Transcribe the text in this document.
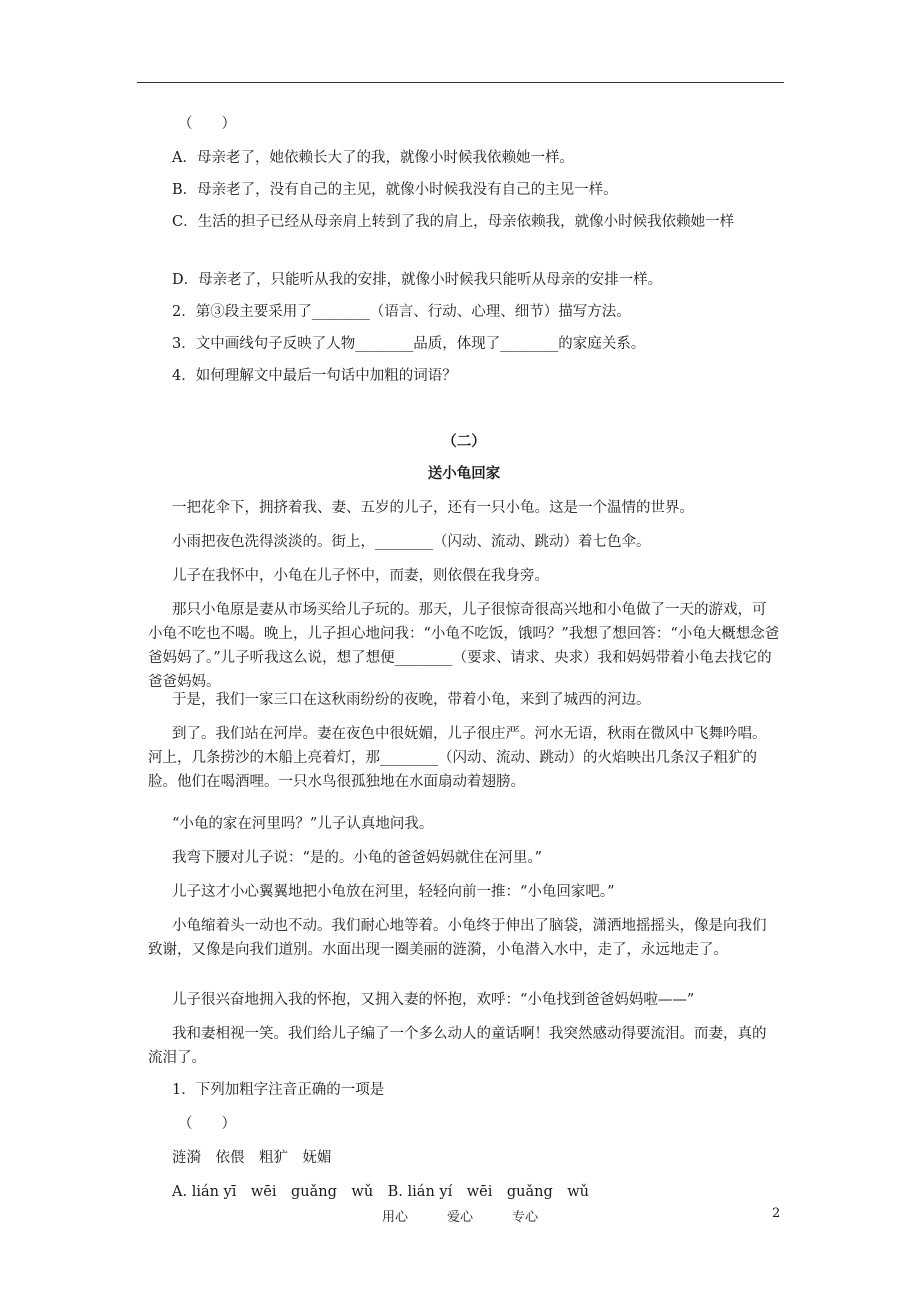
（　　）
A．母亲老了，她依赖长大了的我，就像小时候我依赖她一样。
B．母亲老了，没有自己的主见，就像小时候我没有自己的主见一样。
C．生活的担子已经从母亲肩上转到了我的肩上，母亲依赖我，就像小时候我依赖她一样
D．母亲老了，只能听从我的安排，就像小时候我只能听从母亲的安排一样。
2．第③段主要采用了________（语言、行动、心理、细节）描写方法。
3．文中画线句子反映了人物________品质，体现了________的家庭关系。
4．如何理解文中最后一句话中加粗的词语？
（二）
送小龟回家
一把花伞下，拥挤着我、妻、五岁的儿子，还有一只小龟。这是一个温情的世界。
小雨把夜色洗得淡淡的。街上，________（闪动、流动、跳动）着七色伞。
儿子在我怀中，小龟在儿子怀中，而妻，则依偎在我身旁。
那只小龟原是妻从市场买给儿子玩的。那天，儿子很惊奇很高兴地和小龟做了一天的游戏，可小龟不吃也不喝。晚上，儿子担心地问我：“小龟不吃饭，饿吗？”我想了想回答：“小龟大概想念爸爸妈妈了。”儿子听我这么说，想了想便________（要求、请求、央求）我和妈妈带着小龟去找它的爸爸妈妈。
于是，我们一家三口在这秋雨纷纷的夜晚，带着小龟，来到了城西的河边。
到了。我们站在河岸。妻在夜色中很妩媚，儿子很庄严。河水无语，秋雨在微风中飞舞吟唱。河上，几条捞沙的木船上亮着灯，那________（闪动、流动、跳动）的火焰映出几条汉子粗犷的脸。他们在喝酒哩。一只水鸟很孤独地在水面扇动着翅膀。
“小龟的家在河里吗？”儿子认真地问我。
我弯下腰对儿子说：“是的。小龟的爸爸妈妈就住在河里。”
儿子这才小心翼翼地把小龟放在河里，轻轻向前一推：“小龟回家吧。”
小龟缩着头一动也不动。我们耐心地等着。小龟终于伸出了脑袋，潇洒地摇摇头，像是向我们致谢，又像是向我们道别。水面出现一圈美丽的涟漪，小龟潜入水中，走了，永远地走了。
儿子很兴奋地拥入我的怀抱，又拥入妻的怀抱，欢呼：“小龟找到爸爸妈妈啦——”
我和妻相视一笑。我们给儿子编了一个多么动人的童话啊！我突然感动得要流泪。而妻，真的流泪了。
1．下列加粗字注音正确的一项是
（　　）
涟漪　依偎　粗犷　妩媚
A. lián yī　wēi　guǎng　wǔ　B. lián yí　wēi　guǎng　wǔ
用心　　　爱心　　　专心	2
